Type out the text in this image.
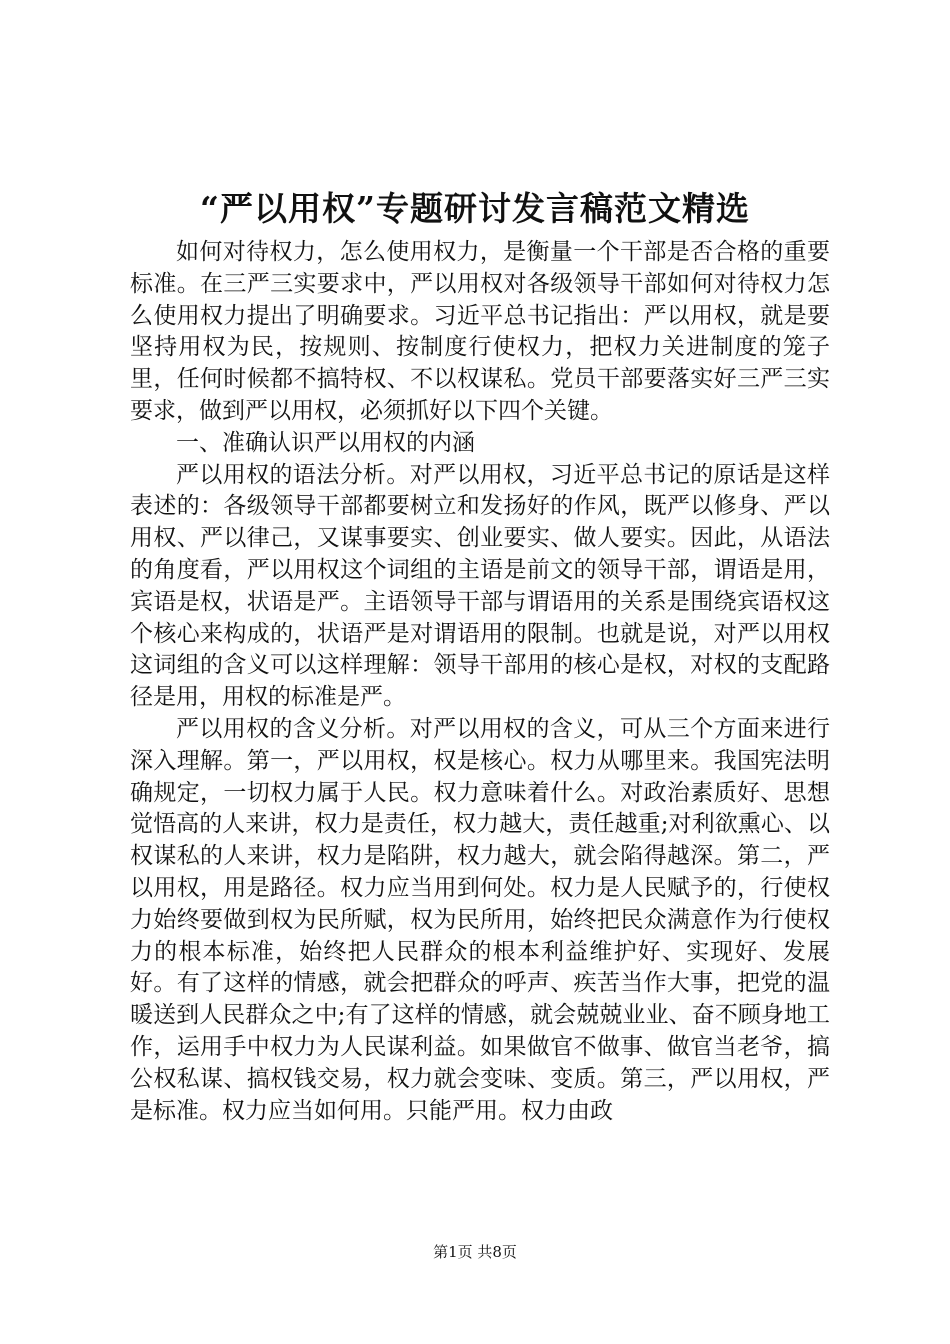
“严以用权”专题研讨发言稿范文精选

如何对待权力，怎么使用权力，是衡量一个干部是否合格的重要标准。在三严三实要求中，严以用权对各级领导干部如何对待权力怎么使用权力提出了明确要求。习近平总书记指出：严以用权，就是要坚持用权为民，按规则、按制度行使权力，把权力关进制度的笼子里，任何时候都不搞特权、不以权谋私。党员干部要落实好三严三实要求，做到严以用权，必须抓好以下四个关键。

一、准确认识严以用权的内涵

严以用权的语法分析。对严以用权，习近平总书记的原话是这样表述的：各级领导干部都要树立和发扬好的作风，既严以修身、严以用权、严以律己，又谋事要实、创业要实、做人要实。因此，从语法的角度看，严以用权这个词组的主语是前文的领导干部，谓语是用，宾语是权，状语是严。主语领导干部与谓语用的关系是围绕宾语权这个核心来构成的，状语严是对谓语用的限制。也就是说，对严以用权这词组的含义可以这样理解：领导干部用的核心是权，对权的支配路径是用，用权的标准是严。

严以用权的含义分析。对严以用权的含义，可从三个方面来进行深入理解。第一，严以用权，权是核心。权力从哪里来。我国宪法明确规定，一切权力属于人民。权力意味着什么。对政治素质好、思想觉悟高的人来讲，权力是责任，权力越大，责任越重;对利欲熏心、以权谋私的人来讲，权力是陷阱，权力越大，就会陷得越深。第二，严以用权，用是路径。权力应当用到何处。权力是人民赋予的，行使权力始终要做到权为民所赋，权为民所用，始终把民众满意作为行使权力的根本标准，始终把人民群众的根本利益维护好、实现好、发展好。有了这样的情感，就会把群众的呼声、疾苦当作大事，把党的温暖送到人民群众之中;有了这样的情感，就会兢兢业业、奋不顾身地工作，运用手中权力为人民谋利益。如果做官不做事、做官当老爷，搞公权私谋、搞权钱交易，权力就会变味、变质。第三，严以用权，严是标准。权力应当如何用。只能严用。权力由政

第1页 共8页
